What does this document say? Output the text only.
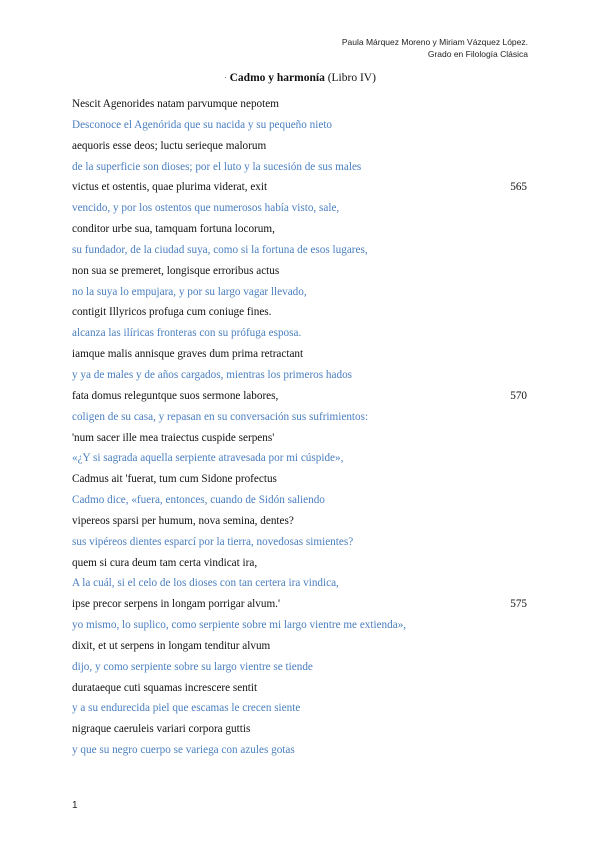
Paula Márquez Moreno y Miriam Vázquez López.
Grado en Filología Clásica
· Cadmo y harmonía (Libro IV)
Nescit Agenorides natam parvumque nepotem
Desconoce el Agenórida que su nacida y su pequeño nieto
aequoris esse deos; luctu serieque malorum
de la superficie son dioses; por el luto y la sucesión de sus males
victus et ostentis, quae plurima viderat, exit	565
vencido, y por los ostentos que numerosos había visto, sale,
conditor urbe sua, tamquam fortuna locorum,
su fundador, de la ciudad suya, como si la fortuna de esos lugares,
non sua se premeret, longisque erroribus actus
no la suya lo empujara, y por su largo vagar llevado,
contigit Illyricos profuga cum coniuge fines.
alcanza las ilíricas fronteras con su prófuga esposa.
iamque malis annisque graves dum prima retractant
y ya de males y de años cargados, mientras los primeros hados
fata domus releguntque suos sermone labores,	570
coligen de su casa, y repasan en su conversación sus sufrimientos:
'num sacer ille mea traiectus cuspide serpens'
«¿Y si sagrada aquella serpiente atravesada por mi cúspide»,
Cadmus ait 'fuerat, tum cum Sidone profectus
Cadmo dice, «fuera, entonces, cuando de Sidón saliendo
vipereos sparsi per humum, nova semina, dentes?
sus vipéreos dientes esparcí por la tierra, novedosas simientes?
quem si cura deum tam certa vindicat ira,
A la cuál, si el celo de los dioses con tan certera ira vindica,
ipse precor serpens in longam porrigar alvum.'	575
yo mismo, lo suplico, como serpiente sobre mi largo vientre me extienda»,
dixit, et ut serpens in longam tenditur alvum
dijo, y como serpiente sobre su largo vientre se tiende
durataeque cuti squamas increscere sentit
y a su endurecida piel que escamas le crecen siente
nigraque caeruleis variari corpora guttis
y que su negro cuerpo se variega con azules gotas
1
